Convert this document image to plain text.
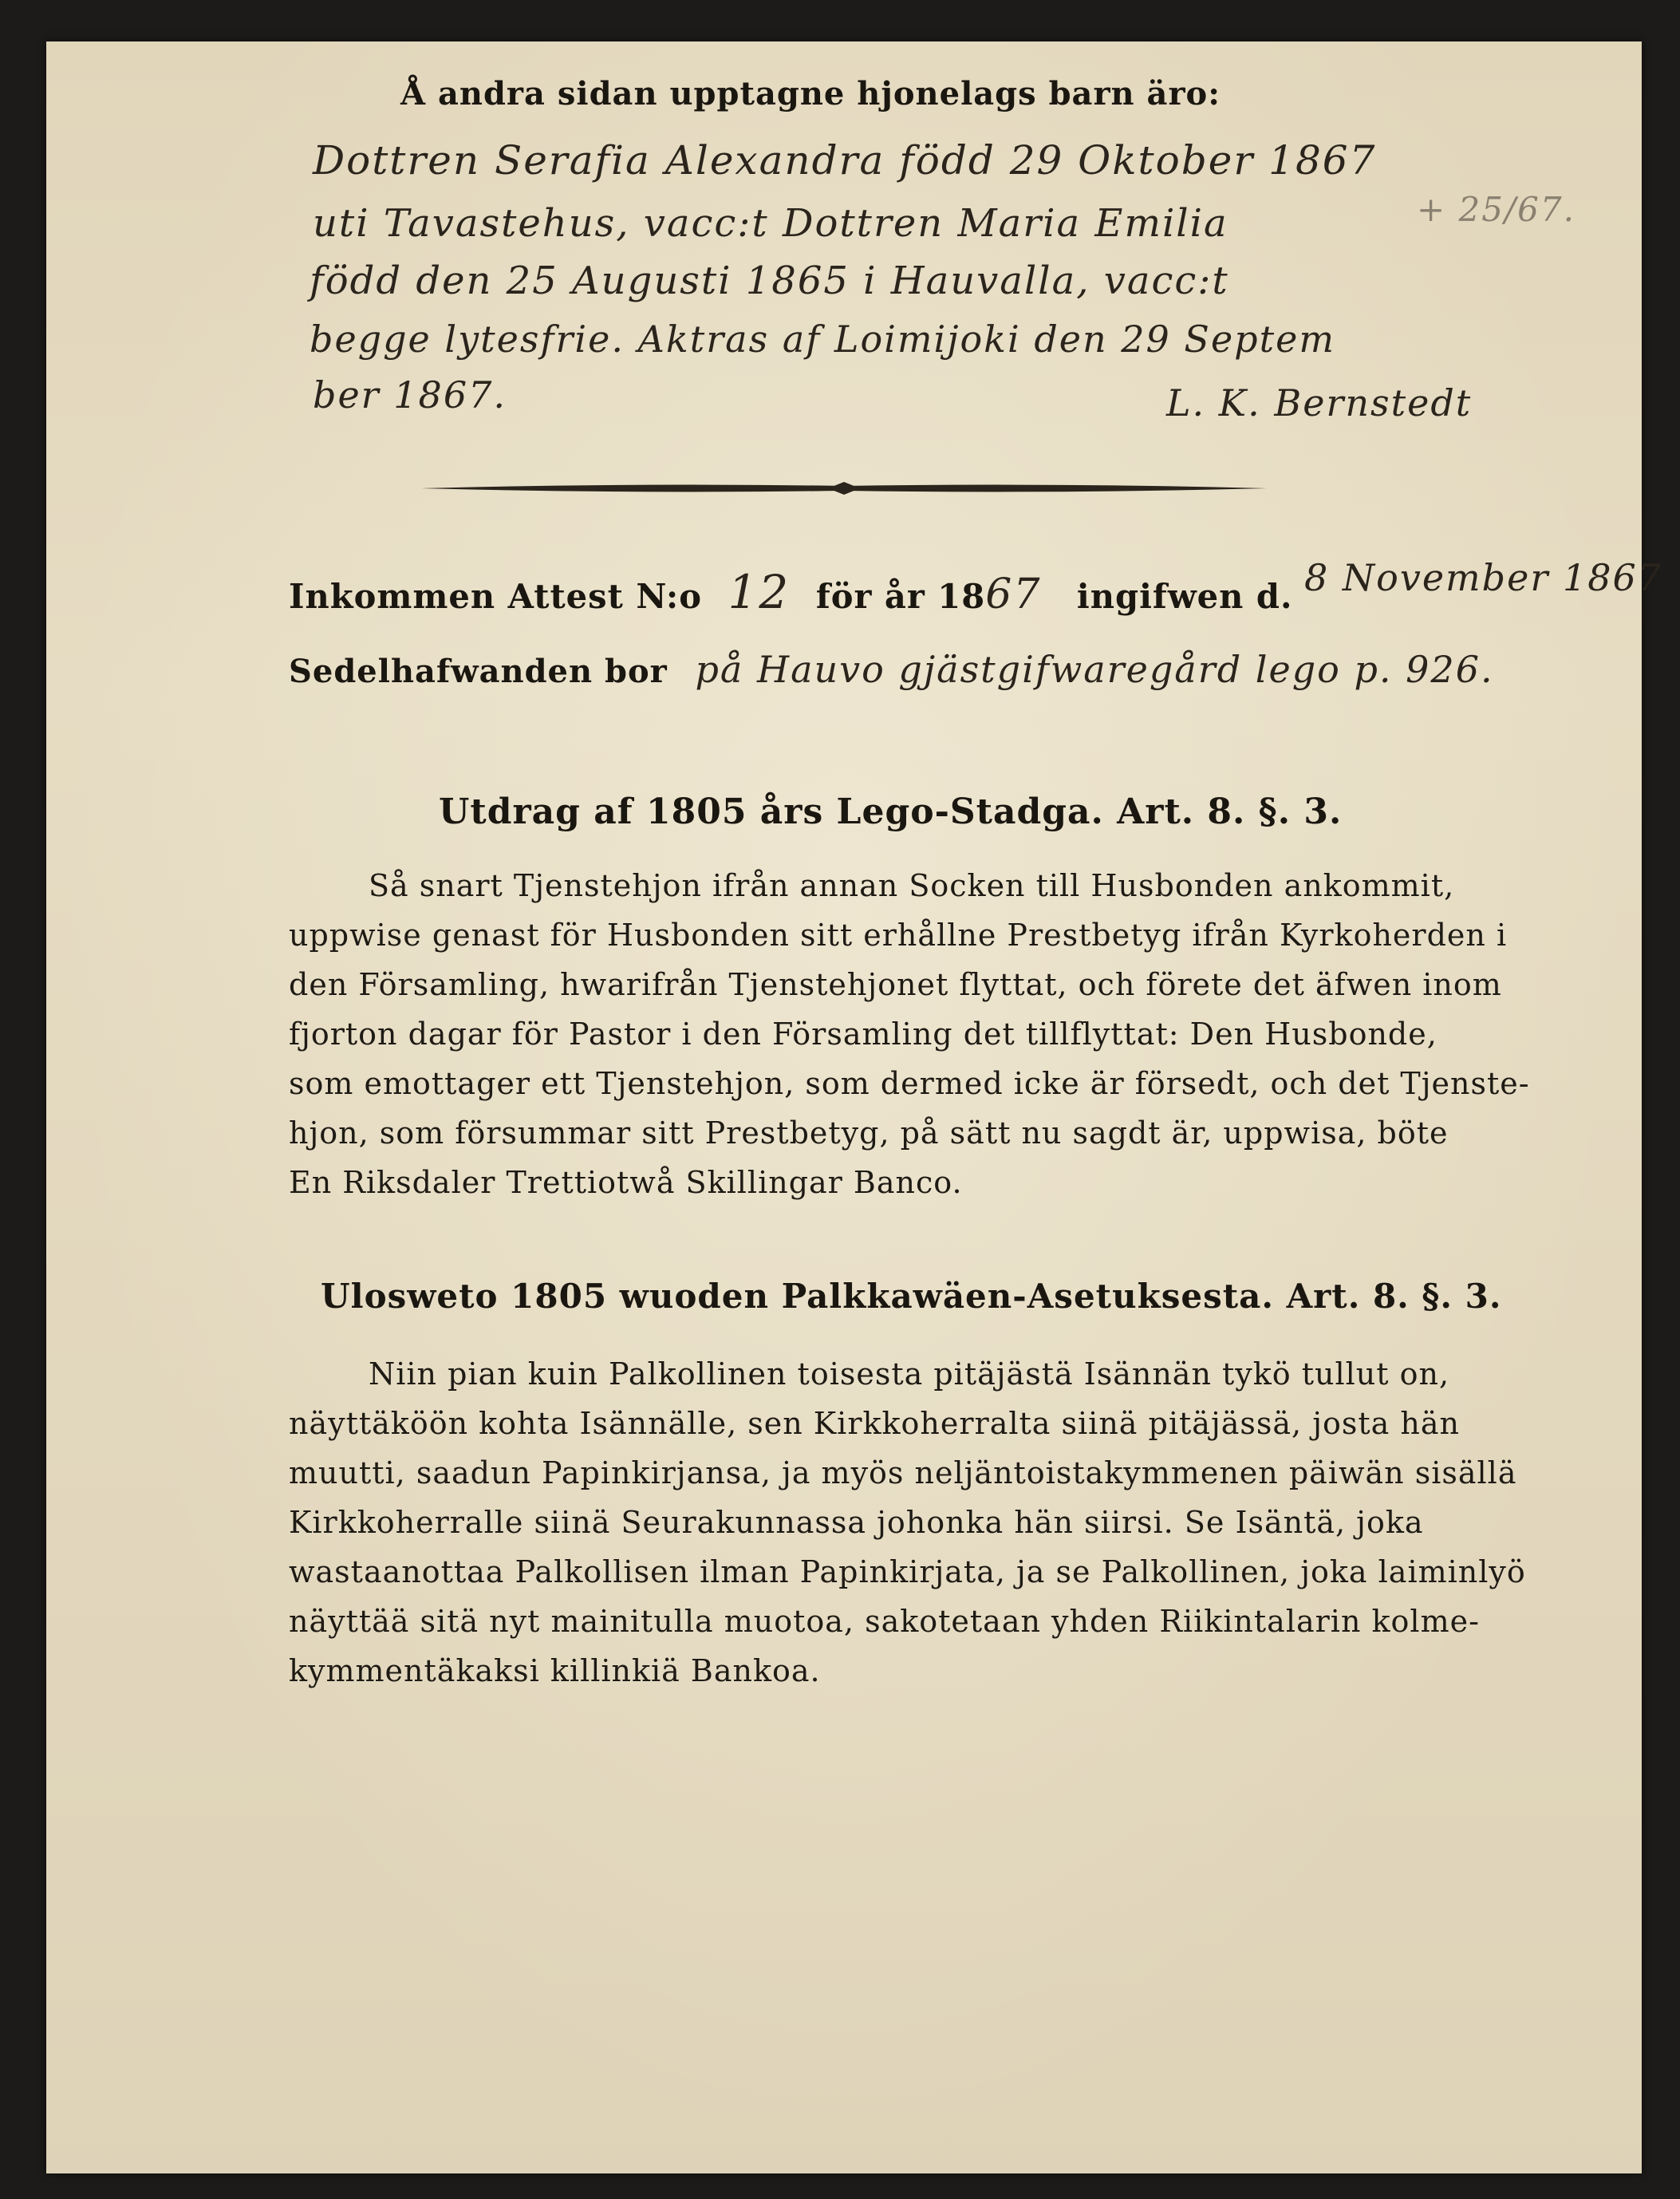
Å andra sidan upptagne hjonelags barn äro:
Dottren Serafia Alexandra född 29 Oktober 1867
uti Tavastehus, vacc:t Dottren Maria Emilia
född den 25 Augusti 1865 i Hauvalla, vacc:t
begge lytesfrie. Aktras af Loimijoki den 29 Septem
ber 1867.	L. K. Bernstedt
+ 25/67.
Inkommen Attest N:o 12 för år 1867 ingifwen d. 8 November 1867
Sedelhafwanden bor på Hauvo gjästgifwaregård lego p. 926.
Utdrag af 1805 års Lego-Stadga. Art. 8. §. 3.
Så snart Tjenstehjon ifrån annan Socken till Husbonden ankommit,
uppwise genast för Husbonden sitt erhållne Prestbetyg ifrån Kyrkoherden i
den Församling, hwarifrån Tjenstehjonet flyttat, och förete det äfwen inom
fjorton dagar för Pastor i den Församling det tillflyttat: Den Husbonde,
som emottager ett Tjenstehjon, som dermed icke är försedt, och det Tjenste-
hjon, som försummar sitt Prestbetyg, på sätt nu sagdt är, uppwisa, böte
En Riksdaler Trettiotwå Skillingar Banco.
Ulosweto 1805 wuoden Palkkawäen-Asetuksesta. Art. 8. §. 3.
Niin pian kuin Palkollinen toisesta pitäjästä Isännän tykö tullut on,
näyttäköön kohta Isännälle, sen Kirkkoherralta siinä pitäjässä, josta hän
muutti, saadun Papinkirjansa, ja myös neljäntoistakymmenen päiwän sisällä
Kirkkoherralle siinä Seurakunnassa johonka hän siirsi. Se Isäntä, joka
wastaanottaa Palkollisen ilman Papinkirjata, ja se Palkollinen, joka laiminlyö
näyttää sitä nyt mainitulla muotoa, sakotetaan yhden Riikintalarin kolme-
kymmentäkaksi killinkiä Bankoa.
